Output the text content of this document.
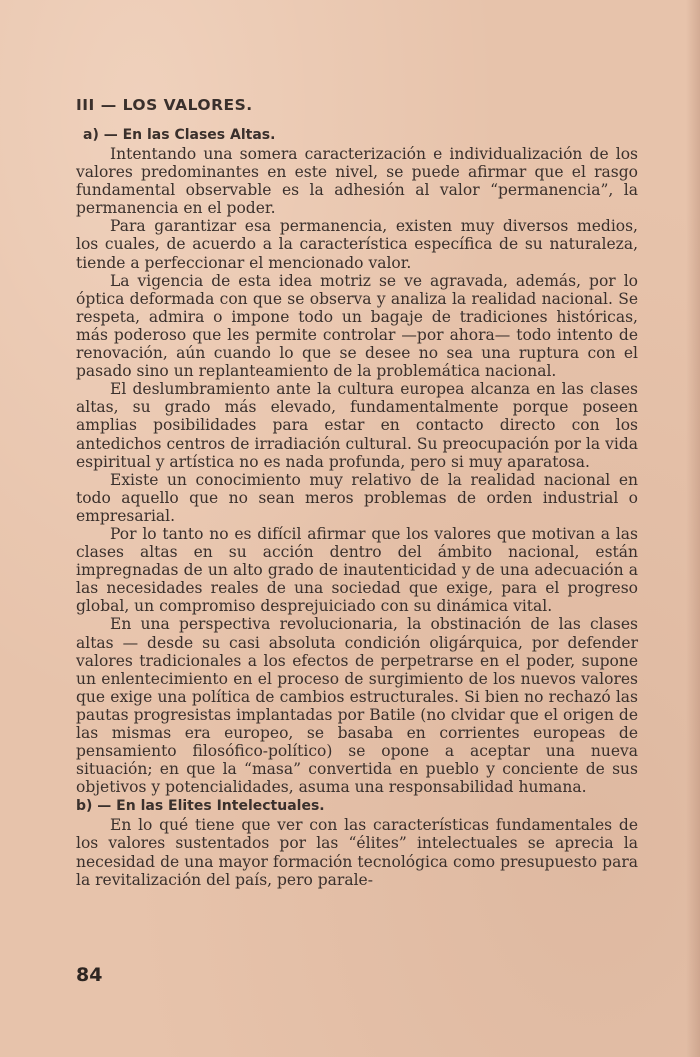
III — LOS VALORES.
a) — En las Clases Altas.

Intentando una somera caracterización e individualización de los valores predominantes en este nivel, se puede afirmar que el rasgo fundamental observable es la adhesión al valor “permanencia”, la permanencia en el poder.

Para garantizar esa permanencia, existen muy diversos medios, los cuales, de acuerdo a la característica específica de su naturaleza, tiende a perfeccionar el mencionado valor.

La vigencia de esta idea motriz se ve agravada, además, por lo óptica deformada con que se observa y analiza la realidad nacional. Se respeta, admira o impone todo un bagaje de tradiciones históricas, más poderoso que les permite controlar —por ahora— todo intento de renovación, aún cuando lo que se desee no sea una ruptura con el pasado sino un replanteamiento de la problemática nacional.

El deslumbramiento ante la cultura europea alcanza en las clases altas, su grado más elevado, fundamentalmente porque poseen amplias posibilidades para estar en contacto directo con los antedichos centros de irradiación cultural. Su preocupación por la vida espiritual y artística no es nada profunda, pero si muy aparatosa.

Existe un conocimiento muy relativo de la realidad nacional en todo aquello que no sean meros problemas de orden industrial o empresarial.

Por lo tanto no es difícil afirmar que los valores que motivan a las clases altas en su acción dentro del ámbito nacional, están impregnadas de un alto grado de inautenticidad y de una adecuación a las necesidades reales de una sociedad que exige, para el progreso global, un compromiso desprejuiciado con su dinámica vital.

En una perspectiva revolucionaria, la obstinación de las clases altas — desde su casi absoluta condición oligárquica, por defender valores tradicionales a los efectos de perpetrarse en el poder, supone un enlentecimiento en el proceso de surgimiento de los nuevos valores que exige una política de cambios estructurales. Si bien no rechazó las pautas progresistas implantadas por Batile (no clvidar que el origen de las mismas era europeo, se basaba en corrientes europeas de pensamiento filosófico-político) se opone a aceptar una nueva situación; en que la “masa” convertida en pueblo y conciente de sus objetivos y potencialidades, asuma una responsabilidad humana.

b) — En las Elites Intelectuales.

En lo qué tiene que ver con las características fundamentales de los valores sustentados por las “élites” intelectuales se aprecia la necesidad de una mayor formación tecnológica como presupuesto para la revitalización del país, pero parale-

84
